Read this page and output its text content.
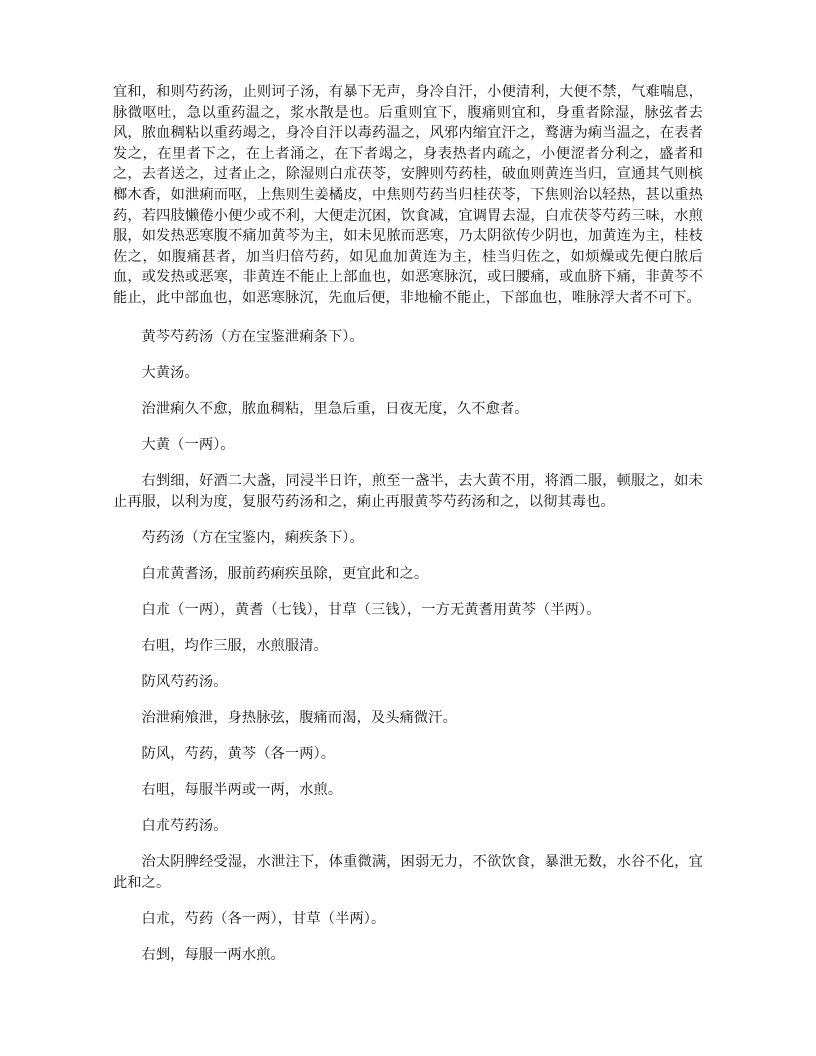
宜和，和则芍药汤，止则诃子汤，有暴下无声，身冷自汗，小便清利，大便不禁，气难喘息，脉微呕吐，急以重药温之，浆水散是也。后重则宜下，腹痛则宜和，身重者除湿，脉弦者去风，脓血稠粘以重药竭之，身冷自汗以毒药温之，风邪内缩宜汗之，鹜溏为痢当温之，在表者发之，在里者下之，在上者涌之，在下者竭之，身表热者内疏之，小便涩者分利之，盛者和之，去者送之，过者止之，除湿则白朮茯苓，安脾则芍药桂，破血则黄连当归，宣通其气则槟榔木香，如泄痢而呕，上焦则生姜橘皮，中焦则芍药当归桂茯苓，下焦则治以轻热，甚以重热药，若四肢懒倦小便少或不利，大便走沉困，饮食减，宜调胃去湿，白朮茯苓芍药三味，水煎服，如发热恶寒腹不痛加黄芩为主，如未见脓而恶寒，乃太阴欲传少阴也，加黄连为主，桂枝佐之，如腹痛甚者，加当归倍芍药，如见血加黄连为主，桂当归佐之，如烦燥或先便白脓后血，或发热或恶寒，非黄连不能止上部血也，如恶寒脉沉，或曰腰痛，或血脐下痛，非黄芩不能止，此中部血也，如恶寒脉沉，先血后便，非地榆不能止，下部血也，唯脉浮大者不可下。

黄芩芍药汤（方在宝鉴泄痢条下）。

大黄汤。

治泄痢久不愈，脓血稠粘，里急后重，日夜无度，久不愈者。

大黄（一两）。

右剉细，好酒二大盏，同浸半日许，煎至一盏半，去大黄不用，将酒二服，顿服之，如未止再服，以利为度，复服芍药汤和之，痢止再服黄芩芍药汤和之，以彻其毒也。

芍药汤（方在宝鉴内，痢疾条下）。

白朮黄耆汤，服前药痢疾虽除，更宜此和之。

白朮（一两），黄耆（七钱），甘草（三钱），一方无黄耆用黄芩（半两）。

右咀，均作三服，水煎服清。

防风芍药汤。

治泄痢飧泄，身热脉弦，腹痛而渴，及头痛微汗。

防风，芍药，黄芩（各一两）。

右咀，每服半两或一两，水煎。

白朮芍药汤。

治太阴脾经受湿，水泄注下，体重微满，困弱无力，不欲饮食，暴泄无数，水谷不化，宜此和之。

白朮，芍药（各一两），甘草（半两）。

右剉，每服一两水煎。
